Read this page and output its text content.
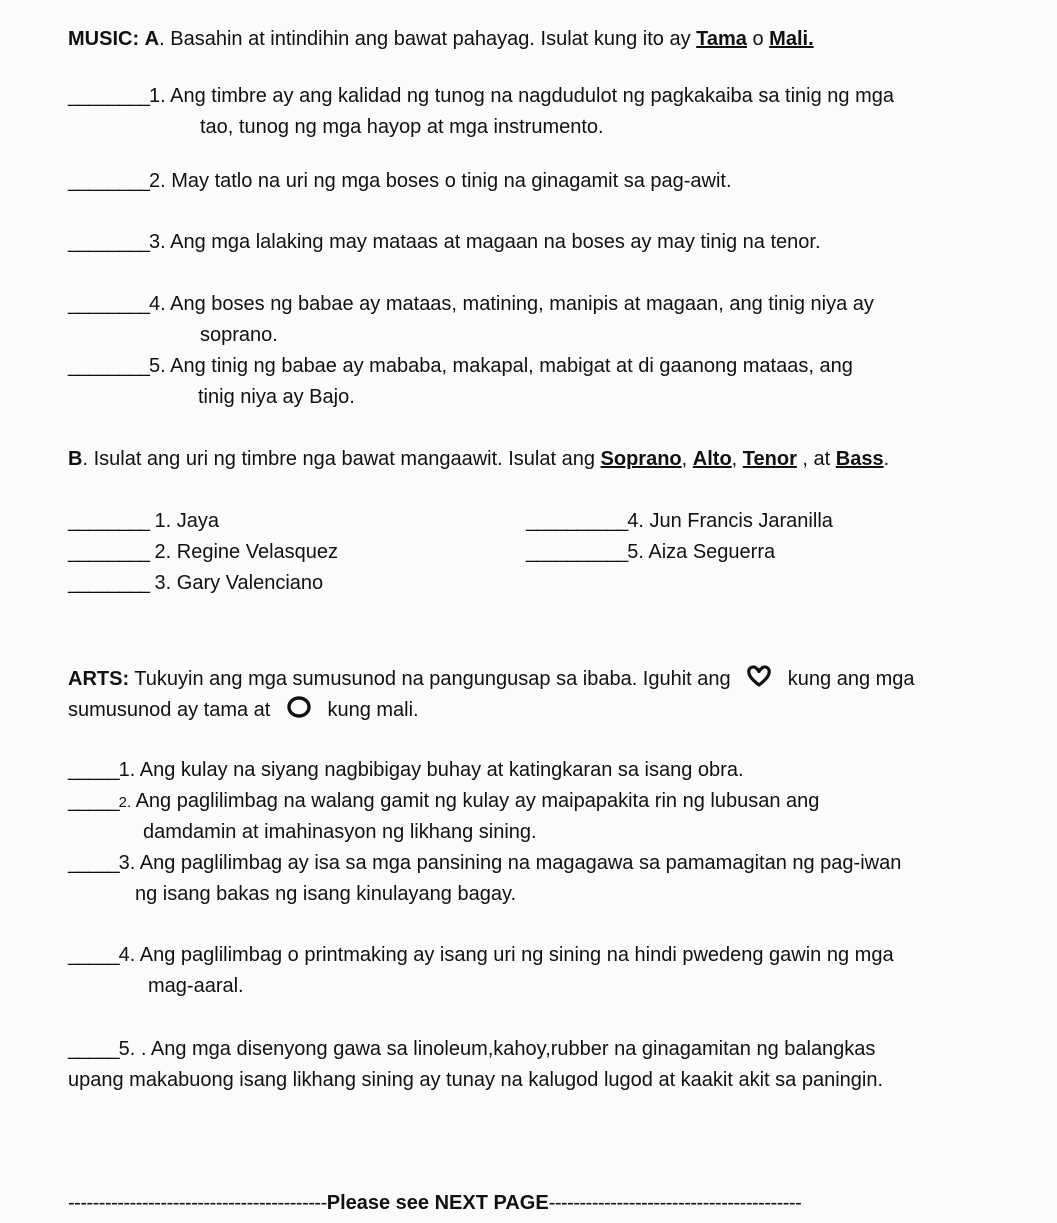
MUSIC: A. Basahin at intindihin ang bawat pahayag. Isulat kung ito ay Tama o Mali.
________1. Ang timbre ay ang kalidad ng tunog na nagdudulot ng pagkakaiba sa tinig ng mga
tao, tunog ng mga hayop at mga instrumento.
________2. May tatlo na uri ng mga boses o tinig na ginagamit sa pag-awit.
________3. Ang mga lalaking may mataas at magaan na boses ay may tinig na tenor.
________4. Ang boses ng babae ay mataas, matining, manipis at magaan, ang tinig niya ay
soprano.
________5. Ang tinig ng babae ay mababa, makapal, mabigat at di gaanong mataas, ang
tinig niya ay Bajo.
B. Isulat ang uri ng timbre nga bawat mangaawit. Isulat ang Soprano, Alto, Tenor , at Bass.
________ 1. Jaya
________ 2. Regine Velasquez
________ 3. Gary Valenciano
__________4. Jun Francis Jaranilla
__________5. Aiza Seguerra
ARTS: Tukuyin ang mga sumusunod na pangungusap sa ibaba. Iguhit ang  kung ang mga
sumusunod ay tama at  kung mali.
_____1. Ang kulay na siyang nagbibigay buhay at katingkaran sa isang obra.
_____2. Ang paglilimbag na walang gamit ng kulay ay maipapakita rin ng lubusan ang
damdamin at imahinasyon ng likhang sining.
_____3. Ang paglilimbag ay isa sa mga pansining na magagawa sa pamamagitan ng pag-iwan
ng isang bakas ng isang kinulayang bagay.
_____4. Ang paglilimbag o printmaking ay isang uri ng sining na hindi pwedeng gawin ng mga
mag-aaral.
_____5. . Ang mga disenyong gawa sa linoleum,kahoy,rubber na ginagamitan ng balangkas
upang makabuong isang likhang sining ay tunay na kalugod lugod at kaakit akit sa paningin.
------------------------------------------Please see NEXT PAGE-----------------------------------------
